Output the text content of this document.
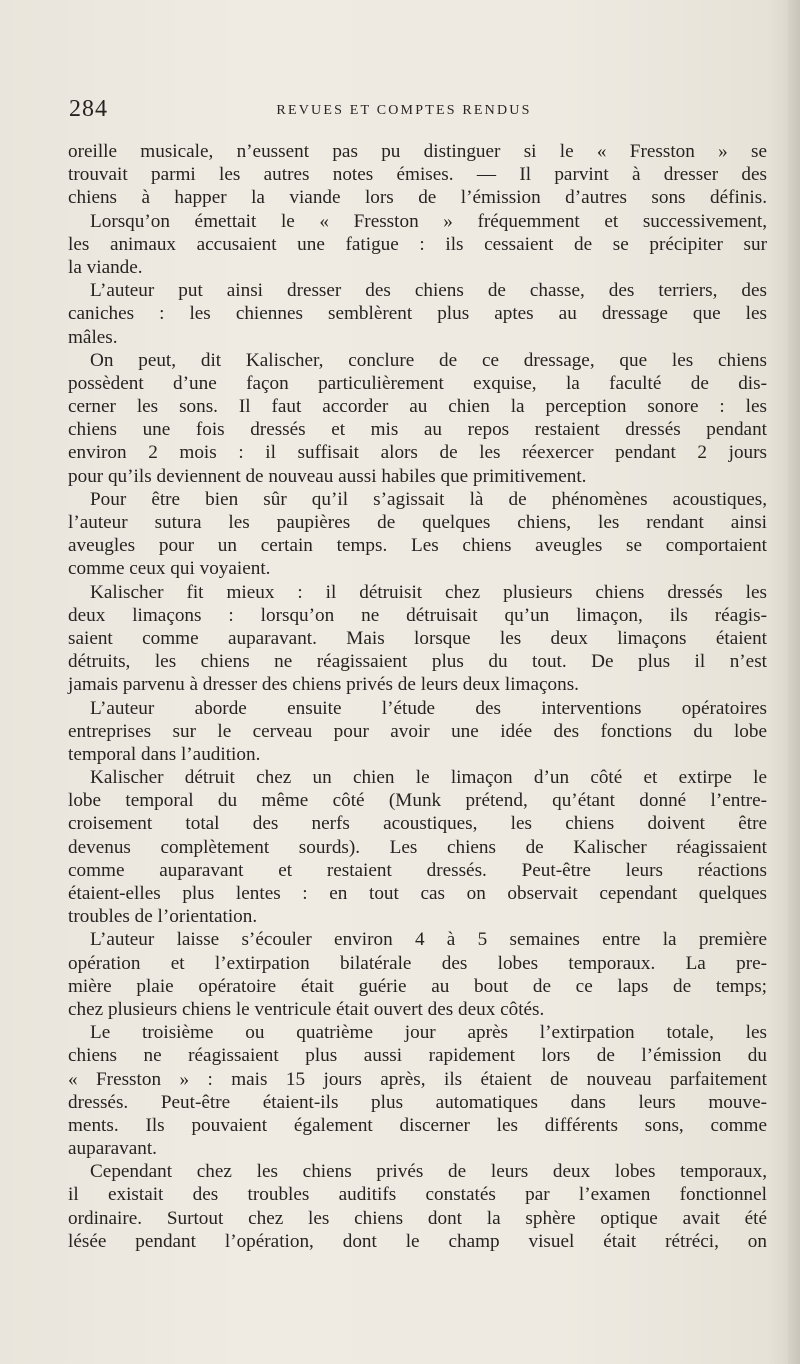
284	REVUES ET COMPTES RENDUS
oreille musicale, n’eussent pas pu distinguer si le « Fresston » se
trouvait parmi les autres notes émises. — Il parvint à dresser des
chiens à happer la viande lors de l’émission d’autres sons définis.
Lorsqu’on émettait le « Fresston » fréquemment et successivement,
les animaux accusaient une fatigue : ils cessaient de se précipiter sur
la viande.
L’auteur put ainsi dresser des chiens de chasse, des terriers, des
caniches : les chiennes semblèrent plus aptes au dressage que les
mâles.
On peut, dit Kalischer, conclure de ce dressage, que les chiens
possèdent d’une façon particulièrement exquise, la faculté de dis-
cerner les sons. Il faut accorder au chien la perception sonore : les
chiens une fois dressés et mis au repos restaient dressés pendant
environ 2 mois : il suffisait alors de les réexercer pendant 2 jours
pour qu’ils deviennent de nouveau aussi habiles que primitivement.
Pour être bien sûr qu’il s’agissait là de phénomènes acoustiques,
l’auteur sutura les paupières de quelques chiens, les rendant ainsi
aveugles pour un certain temps. Les chiens aveugles se comportaient
comme ceux qui voyaient.
Kalischer fit mieux : il détruisit chez plusieurs chiens dressés les
deux limaçons : lorsqu’on ne détruisait qu’un limaçon, ils réagis-
saient comme auparavant. Mais lorsque les deux limaçons étaient
détruits, les chiens ne réagissaient plus du tout. De plus il n’est
jamais parvenu à dresser des chiens privés de leurs deux limaçons.
L’auteur aborde ensuite l’étude des interventions opératoires
entreprises sur le cerveau pour avoir une idée des fonctions du lobe
temporal dans l’audition.
Kalischer détruit chez un chien le limaçon d’un côté et extirpe le
lobe temporal du même côté (Munk prétend, qu’étant donné l’entre-
croisement total des nerfs acoustiques, les chiens doivent être
devenus complètement sourds). Les chiens de Kalischer réagissaient
comme auparavant et restaient dressés. Peut-être leurs réactions
étaient-elles plus lentes : en tout cas on observait cependant quelques
troubles de l’orientation.
L’auteur laisse s’écouler environ 4 à 5 semaines entre la première
opération et l’extirpation bilatérale des lobes temporaux. La pre-
mière plaie opératoire était guérie au bout de ce laps de temps;
chez plusieurs chiens le ventricule était ouvert des deux côtés.
Le troisième ou quatrième jour après l’extirpation totale, les
chiens ne réagissaient plus aussi rapidement lors de l’émission du
« Fresston » : mais 15 jours après, ils étaient de nouveau parfaitement
dressés. Peut-être étaient-ils plus automatiques dans leurs mouve-
ments. Ils pouvaient également discerner les différents sons, comme
auparavant.
Cependant chez les chiens privés de leurs deux lobes temporaux,
il existait des troubles auditifs constatés par l’examen fonctionnel
ordinaire. Surtout chez les chiens dont la sphère optique avait été
lésée pendant l’opération, dont le champ visuel était rétréci, on
